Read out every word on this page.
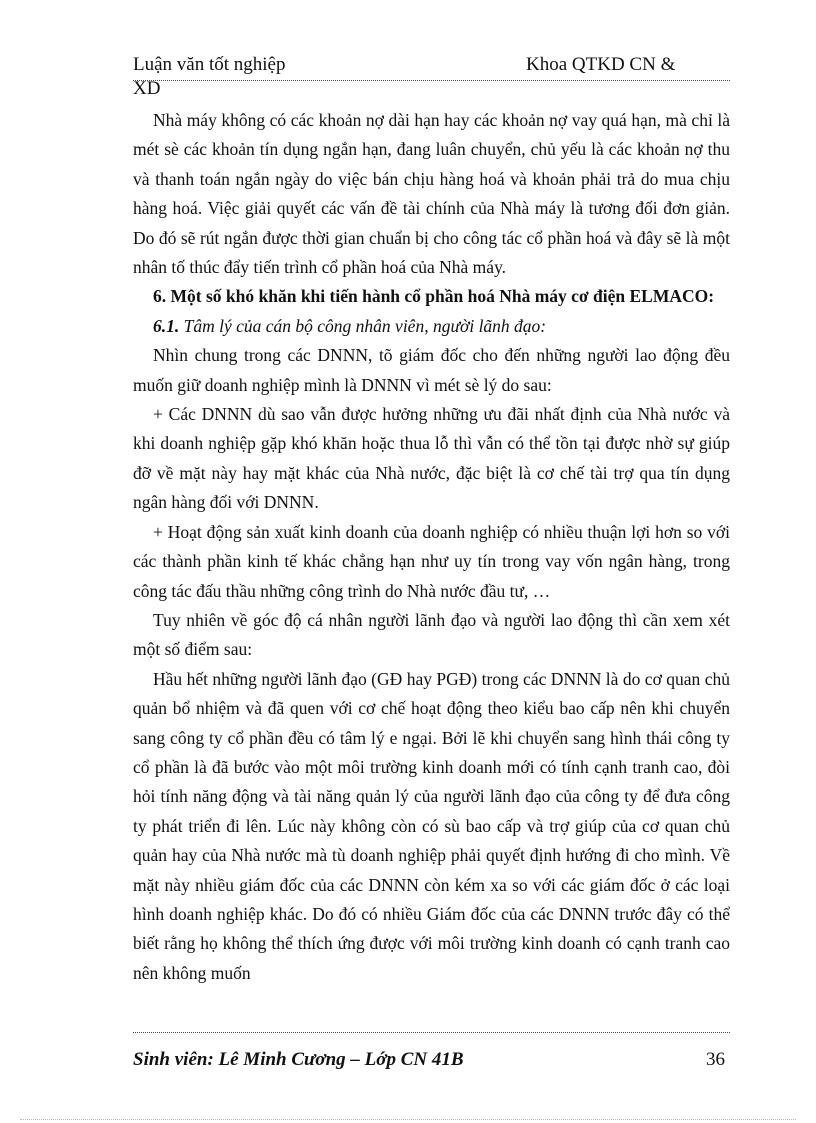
Luận văn tốt nghiệp	Khoa QTKD CN &
XD

Nhà máy không có các khoản nợ dài hạn hay các khoản nợ vay quá hạn, mà chỉ là mét sè các khoản tín dụng ngắn hạn, đang luân chuyển, chủ yếu là các khoản nợ thu và thanh toán ngắn ngày do việc bán chịu hàng hoá và khoản phải trả do mua chịu hàng hoá. Việc giải quyết các vấn đề tài chính của Nhà máy là tương đối đơn giản. Do đó sẽ rút ngắn được thời gian chuẩn bị cho công tác cổ phần hoá và đây sẽ là một nhân tố thúc đẩy tiến trình cổ phần hoá của Nhà máy.

6. Một số khó khăn khi tiến hành cổ phần hoá Nhà máy cơ điện ELMACO:

6.1. Tâm lý của cán bộ công nhân viên, người lãnh đạo:

Nhìn chung trong các DNNN, tõ giám đốc cho đến những người lao động đều muốn giữ doanh nghiệp mình là DNNN vì mét sè lý do sau:

+ Các DNNN dù sao vẫn được hưởng những ưu đãi nhất định của Nhà nước và khi doanh nghiệp gặp khó khăn hoặc thua lỗ thì vẫn có thể tồn tại được nhờ sự giúp đỡ về mặt này hay mặt khác của Nhà nước, đặc biệt là cơ chế tài trợ qua tín dụng ngân hàng đối với DNNN.

+ Hoạt động sản xuất kinh doanh của doanh nghiệp có nhiều thuận lợi hơn so với các thành phần kinh tế khác chẳng hạn như uy tín trong vay vốn ngân hàng, trong công tác đấu thầu những công trình do Nhà nước đầu tư, …

Tuy nhiên về góc độ cá nhân người lãnh đạo và người lao động thì cần xem xét một số điểm sau:

Hầu hết những người lãnh đạo (GĐ hay PGĐ) trong các DNNN là do cơ quan chủ quản bổ nhiệm và đã quen với cơ chế hoạt động theo kiểu bao cấp nên khi chuyển sang công ty cổ phần đều có tâm lý e ngại. Bởi lẽ khi chuyển sang hình thái công ty cổ phần là đã bước vào một môi trường kinh doanh mới có tính cạnh tranh cao, đòi hỏi tính năng động và tài năng quản lý của người lãnh đạo của công ty để đưa công ty phát triển đi lên. Lúc này không còn có sù bao cấp và trợ giúp của cơ quan chủ quản hay của Nhà nước mà tù doanh nghiệp phải quyết định hướng đi cho mình. Về mặt này nhiều giám đốc của các DNNN còn kém xa so với các giám đốc ở các loại hình doanh nghiệp khác. Do đó có nhiều Giám đốc của các DNNN trước đây có thể biết rằng họ không thể thích ứng được với môi trường kinh doanh có cạnh tranh cao nên không muốn

Sinh viên: Lê Minh Cương – Lớp CN 41B	36
